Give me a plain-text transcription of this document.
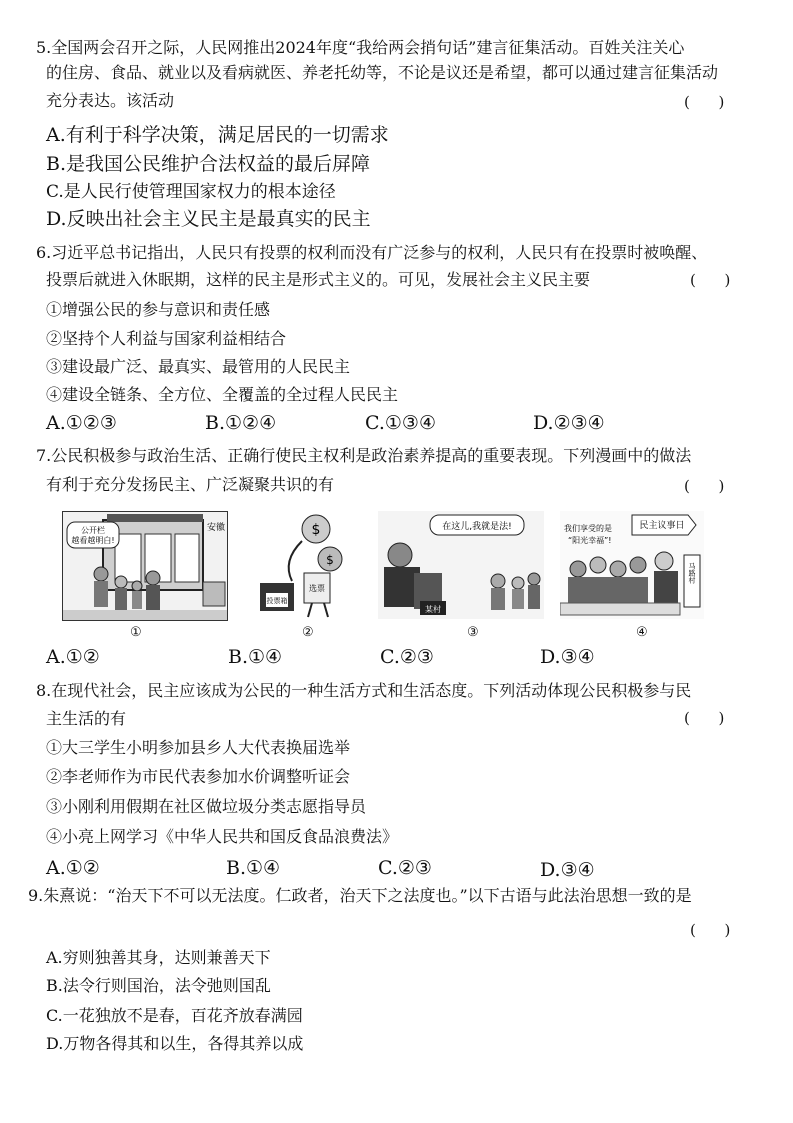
5.全国两会召开之际，人民网推出2024年度“我给两会捎句话”建言征集活动。百姓关注关心
的住房、食品、就业以及看病就医、养老托幼等，不论是议还是希望，都可以通过建言征集活动
充分表达。该活动	(      )
A.有利于科学决策，满足居民的一切需求
B.是我国公民维护合法权益的最后屏障
C.是人民行使管理国家权力的根本途径
D.反映出社会主义民主是最真实的民主
6.习近平总书记指出，人民只有投票的权利而没有广泛参与的权利，人民只有在投票时被唤醒、
投票后就进入休眠期，这样的民主是形式主义的。可见，发展社会主义民主要	(      )
①增强公民的参与意识和责任感
②坚持个人利益与国家利益相结合
③建设最广泛、最真实、最管用的人民民主
④建设全链条、全方位、全覆盖的全过程人民民主
A.①②③	B.①②④	C.①③④	D.②③④
7.公民积极参与政治生活、正确行使民主权利是政治素养提高的重要表现。下列漫画中的做法
有利于充分发扬民主、广泛凝聚共识的有	(      )
公开栏
越看越明白!
安徽
①
$
$
选票
投票箱
②
在这儿,我就是法!
某村
③
我们享受的是
“阳光幸福”!
民主议事日
马路村
④
A.①②	B.①④	C.②③	D.③④
8.在现代社会，民主应该成为公民的一种生活方式和生活态度。下列活动体现公民积极参与民
主生活的有	(      )
①大三学生小明参加县乡人大代表换届选举
②李老师作为市民代表参加水价调整听证会
③小刚利用假期在社区做垃圾分类志愿指导员
④小亮上网学习《中华人民共和国反食品浪费法》
A.①②	B.①④	C.②③	D.③④
9.朱熹说：“治天下不可以无法度。仁政者，治天下之法度也。”以下古语与此法治思想一致的是
(      )
A.穷则独善其身，达则兼善天下
B.法令行则国治，法令弛则国乱
C.一花独放不是春，百花齐放春满园
D.万物各得其和以生，各得其养以成
